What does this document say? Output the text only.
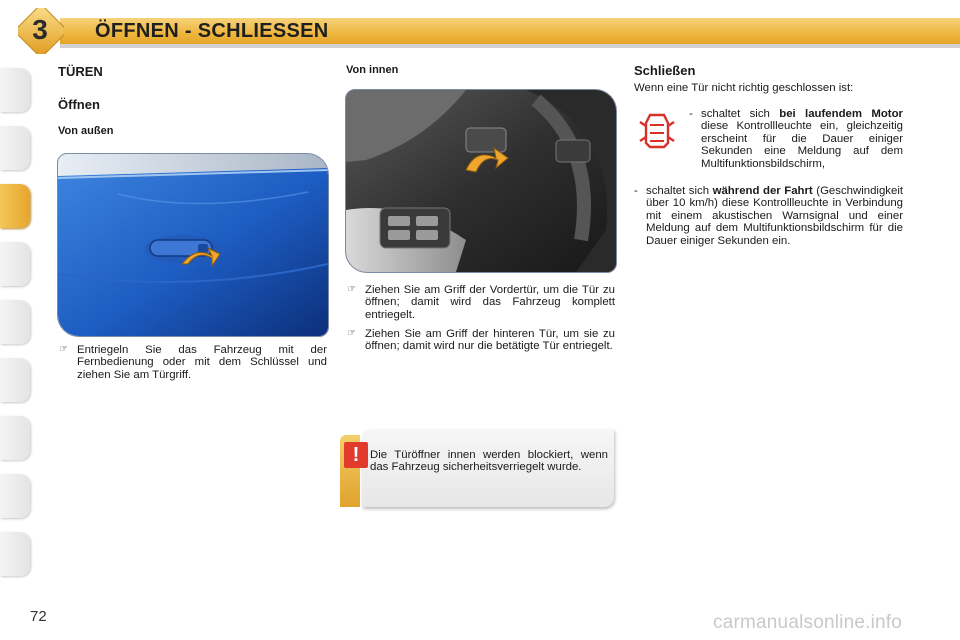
3	ÖFFNEN - SCHLIESSEN
TÜREN
Öffnen
Von außen
☞ Entriegeln Sie das Fahrzeug mit der Fernbedienung oder mit dem Schlüssel und ziehen Sie am Türgriff.
Von innen
☞ Ziehen Sie am Griff der Vordertür, um die Tür zu öffnen; damit wird das Fahrzeug komplett entriegelt.
☞ Ziehen Sie am Griff der hinteren Tür, um sie zu öffnen; damit wird nur die betätigte Tür entriegelt.
! Die Türöffner innen werden blockiert, wenn das Fahrzeug sicherheitsverriegelt wurde.
Schließen
Wenn eine Tür nicht richtig geschlossen ist:
- schaltet sich bei laufendem Motor diese Kontrollleuchte ein, gleichzeitig erscheint für die Dauer einiger Sekunden eine Meldung auf dem Multifunktionsbildschirm,
- schaltet sich während der Fahrt (Geschwindigkeit über 10 km/h) diese Kontrollleuchte in Verbindung mit einem akustischen Warnsignal und einer Meldung auf dem Multifunktionsbildschirm für die Dauer einiger Sekunden ein.
72	carmanualsonline.info
